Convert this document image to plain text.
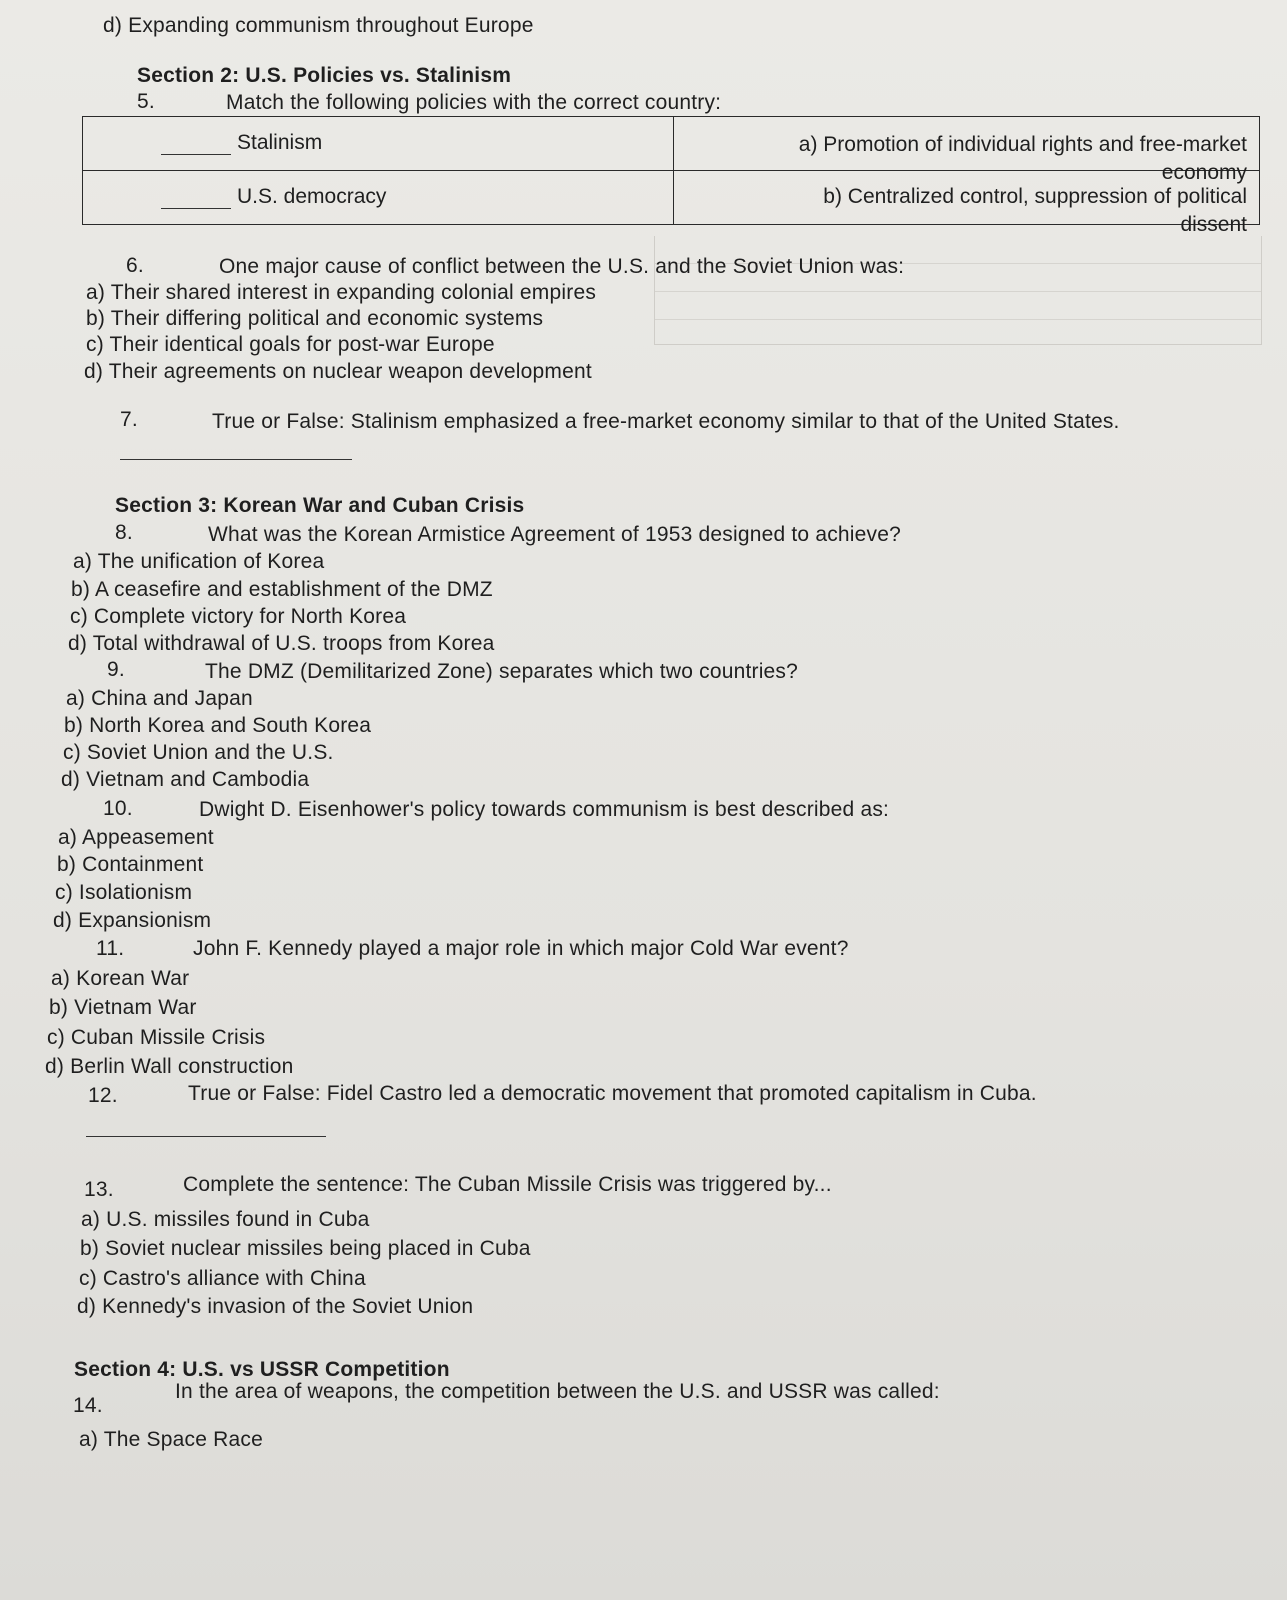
d) Expanding communism throughout Europe
Section 2: U.S. Policies vs. Stalinism
5.	Match the following policies with the correct country:
Stalinism	a) Promotion of individual rights and free-market
economy

U.S. democracy	b) Centralized control, suppression of political
dissent
6.	One major cause of conflict between the U.S. and the Soviet Union was:
a) Their shared interest in expanding colonial empires
b) Their differing political and economic systems
c) Their identical goals for post-war Europe
d) Their agreements on nuclear weapon development
7.	True or False: Stalinism emphasized a free-market economy similar to that of the United States.
Section 3: Korean War and Cuban Crisis
8.	What was the Korean Armistice Agreement of 1953 designed to achieve?
a) The unification of Korea
b) A ceasefire and establishment of the DMZ
c) Complete victory for North Korea
d) Total withdrawal of U.S. troops from Korea
9.	The DMZ (Demilitarized Zone) separates which two countries?
a) China and Japan
b) North Korea and South Korea
c) Soviet Union and the U.S.
d) Vietnam and Cambodia
10.	Dwight D. Eisenhower's policy towards communism is best described as:
a) Appeasement
b) Containment
c) Isolationism
d) Expansionism
11.	John F. Kennedy played a major role in which major Cold War event?
a) Korean War
b) Vietnam War
c) Cuban Missile Crisis
d) Berlin Wall construction
12.	True or False: Fidel Castro led a democratic movement that promoted capitalism in Cuba.
13.	Complete the sentence: The Cuban Missile Crisis was triggered by...
a) U.S. missiles found in Cuba
b) Soviet nuclear missiles being placed in Cuba
c) Castro's alliance with China
d) Kennedy's invasion of the Soviet Union
Section 4: U.S. vs USSR Competition
14.
In the area of weapons, the competition between the U.S. and USSR was called:
a) The Space Race
